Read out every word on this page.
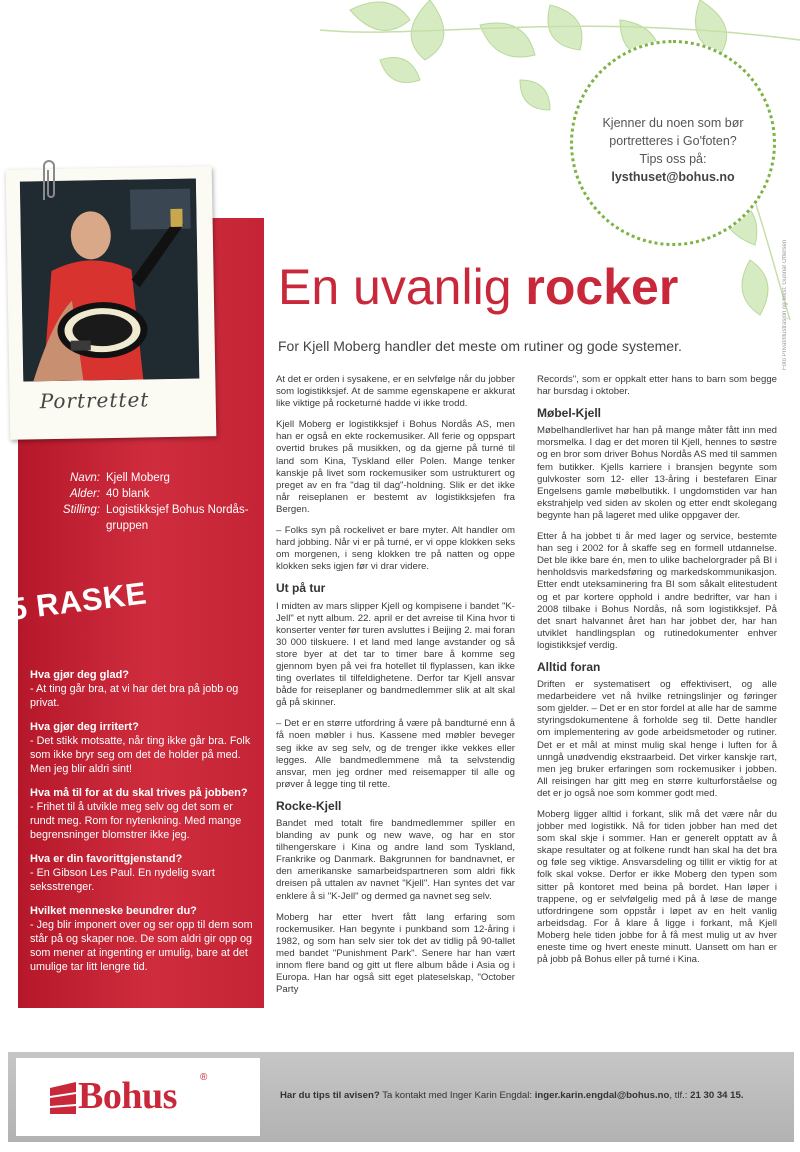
Kjenner du noen som bør
portretteres i Go'foten?
Tips oss på:
lysthuset@bohus.no
Foto Privat/Illustrasjon og tekst: Gunnar Ottersen
Portrettet
Navn: Kjell Moberg
Alder: 40 blank
Stilling: Logistikksjef Bohus Nordås-gruppen
5 RASKE
Hva gjør deg glad?
- At ting går bra, at vi har det bra på jobb og privat.
Hva gjør deg irritert?
- Det stikk motsatte, når ting ikke går bra. Folk som ikke bryr seg om det de holder på med. Men jeg blir aldri sint!
Hva må til for at du skal trives på jobben?
- Frihet til å utvikle meg selv og det som er rundt meg. Rom for nytenkning. Med mange begrensninger blomstrer ikke jeg.
Hva er din favorittgjenstand?
- En Gibson Les Paul. En nydelig svart seksstrenger.
Hvilket menneske beundrer du?
- Jeg blir imponert over og ser opp til dem som står på og skaper noe. De som aldri gir opp og som mener at ingenting er umulig, bare at det umulige tar litt lengre tid.
En uvanlig rocker
For Kjell Moberg handler det meste om rutiner og gode systemer.

At det er orden i sysakene, er en selvfølge når du jobber som logistikksjef. At de samme egenskapene er akkurat like viktige på rocketurné hadde vi ikke trodd.

Kjell Moberg er logistikksjef i Bohus Nordås AS, men han er også en ekte rockemusiker. All ferie og oppspart overtid brukes på musikken, og da gjerne på turné til land som Kina, Tyskland eller Polen. Mange tenker kanskje på livet som rockemusiker som ustrukturert og preget av en fra "dag til dag"-holdning. Slik er det ikke når reiseplanen er bestemt av logistikksjefen fra Bergen.

– Folks syn på rockelivet er bare myter. Alt handler om hard jobbing. Når vi er på turné, er vi oppe klokken seks om morgenen, i seng klokken tre på natten og oppe klokken seks igjen før vi drar videre.

Ut på tur

I midten av mars slipper Kjell og kompisene i bandet "K-Jell" et nytt album. 22. april er det avreise til Kina hvor ti konserter venter før turen avsluttes i Beijing 2. mai foran 30 000 tilskuere. I et land med lange avstander og så store byer at det tar to timer bare å komme seg gjennom byen på vei fra hotellet til flyplassen, kan ikke ting overlates til tilfeldighetene. Derfor tar Kjell ansvar både for reiseplaner og bandmedlemmer slik at alt skal gå på skinner.

– Det er en større utfordring å være på bandturné enn å få noen møbler i hus. Kassene med møbler beveger seg ikke av seg selv, og de trenger ikke vekkes eller legges. Alle bandmedlemmene må ta selvstendig ansvar, men jeg ordner med reisemapper til alle og prøver å legge ting til rette.

Rocke-Kjell

Bandet med totalt fire bandmedlemmer spiller en blanding av punk og new wave, og har en stor tilhengerskare i Kina og andre land som Tyskland, Frankrike og Danmark. Bakgrunnen for bandnavnet, er den amerikanske samarbeidspartneren som aldri fikk dreisen på uttalen av navnet "Kjell". Han syntes det var enklere å si "K-Jell" og dermed ga navnet seg selv.

Moberg har etter hvert fått lang erfaring som rockemusiker. Han begynte i punkband som 12-åring i 1982, og som han selv sier tok det av tidlig på 90-tallet med bandet "Punishment Park". Senere har han vært innom flere band og gitt ut flere album både i Asia og i Europa. Han har også sitt eget plateselskap, "October Party

Records", som er oppkalt etter hans to barn som begge har bursdag i oktober.

Møbel-Kjell

Møbelhandlerlivet har han på mange måter fått inn med morsmelka. I dag er det moren til Kjell, hennes to søstre og en bror som driver Bohus Nordås AS med til sammen fem butikker. Kjells karriere i bransjen begynte som gulvkoster som 12- eller 13-åring i bestefaren Einar Engelsens gamle møbelbutikk. I ungdomstiden var han ekstrahjelp ved siden av skolen og etter endt skolegang begynte han på lageret med ulike oppgaver der.

Etter å ha jobbet ti år med lager og service, bestemte han seg i 2002 for å skaffe seg en formell utdannelse. Det ble ikke bare én, men to ulike bachelorgrader på BI i henholdsvis markedsføring og markedskommunikasjon. Etter endt uteksaminering fra BI som såkalt elitestudent og et par kortere opphold i andre bedrifter, var han i 2008 tilbake i Bohus Nordås, nå som logistikksjef. På det snart halvannet året han har jobbet der, har han utviklet handlingsplan og rutinedokumenter enhver logistikksjef verdig.

Alltid foran

Driften er systematisert og effektivisert, og alle medarbeidere vet nå hvilke retningslinjer og føringer som gjelder. – Det er en stor fordel at alle har de samme styringsdokumentene å forholde seg til. Dette handler om implementering av gode arbeidsmetoder og rutiner. Det er et mål at minst mulig skal henge i luften for å unngå unødvendig ekstraarbeid. Det virker kanskje rart, men jeg bruker erfaringen som rockemusiker i jobben. All reisingen har gitt meg en større kulturforståelse og det er jo også noe som kommer godt med.

Moberg ligger alltid i forkant, slik må det være når du jobber med logistikk. Nå for tiden jobber han med det som skal skje i sommer. Han er generelt opptatt av å skape resultater og at folkene rundt han skal ha det bra og føle seg viktige. Ansvarsdeling og tillit er viktig for at folk skal vokse. Derfor er ikke Moberg den typen som sitter på kontoret med beina på bordet. Han løper i trappene, og er selvfølgelig med på å løse de mange utfordringene som oppstår i løpet av en helt vanlig arbeidsdag. For å klare å ligge i forkant, må Kjell Moberg hele tiden jobbe for å få mest mulig ut av hver eneste time og hvert eneste minutt. Uansett om han er på jobb på Bohus eller på turné i Kina.

Bohus ®
Har du tips til avisen? Ta kontakt med Inger Karin Engdal: inger.karin.engdal@bohus.no, tlf.: 21 30 34 15.
